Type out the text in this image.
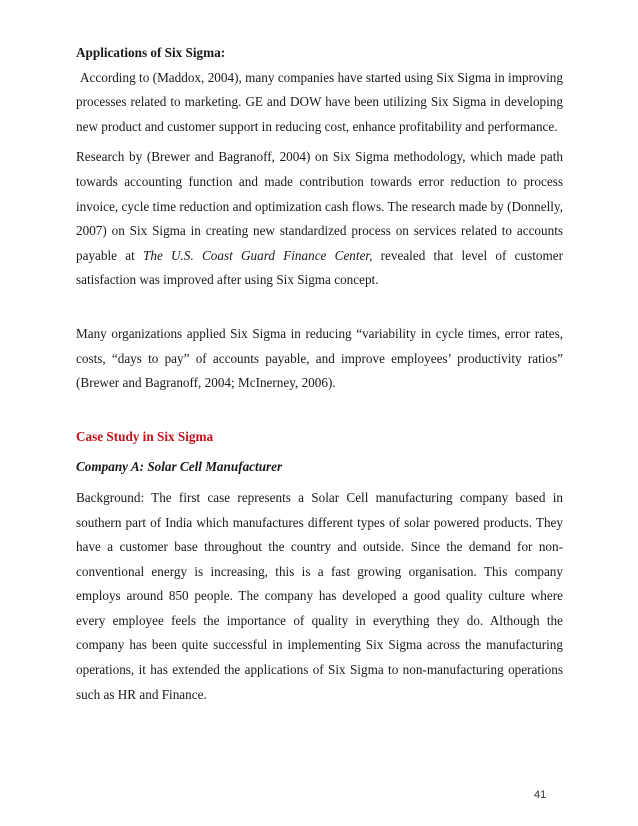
Applications of Six Sigma:

According to (Maddox, 2004), many companies have started using Six Sigma in improving processes related to marketing. GE and DOW have been utilizing Six Sigma in developing new product and customer support in reducing cost, enhance profitability and performance.

Research by (Brewer and Bagranoff, 2004) on Six Sigma methodology, which made path towards accounting function and made contribution towards error reduction to process invoice, cycle time reduction and optimization cash flows. The research made by (Donnelly, 2007) on Six Sigma in creating new standardized process on services related to accounts payable at The U.S. Coast Guard Finance Center, revealed that level of customer satisfaction was improved after using Six Sigma concept.

Many organizations applied Six Sigma in reducing “variability in cycle times, error rates, costs, “days to pay” of accounts payable, and improve employees’ productivity ratios” (Brewer and Bagranoff, 2004; McInerney, 2006).

Case Study in Six Sigma

Company A: Solar Cell Manufacturer

Background: The first case represents a Solar Cell manufacturing company based in southern part of India which manufactures different types of solar powered products. They have a customer base throughout the country and outside. Since the demand for non-conventional energy is increasing, this is a fast growing organisation. This company employs around 850 people. The company has developed a good quality culture where every employee feels the importance of quality in everything they do. Although the company has been quite successful in implementing Six Sigma across the manufacturing operations, it has extended the applications of Six Sigma to non-manufacturing operations such as HR and Finance.

41
